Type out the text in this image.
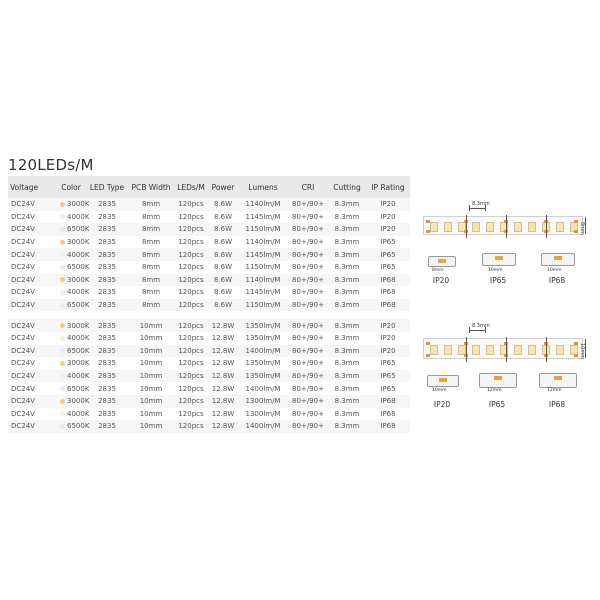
120LEDs/M
Voltage	Color	LED Type	PCB Width	LEDs/M	Power	Lumens	CRI	Cutting	IP Rating
DC24V	3000K	2835	8mm	120pcs	8.6W	1140lm/M	80+/90+	8.3mm	IP20
DC24V	4000K	2835	8mm	120pcs	8.6W	1145lm/M	80+/90+	8.3mm	IP20
DC24V	6500K	2835	8mm	120pcs	8.6W	1150lm/M	80+/90+	8.3mm	IP20
DC24V	3000K	2835	8mm	120pcs	8.6W	1140lm/M	80+/90+	8.3mm	IP65
DC24V	4000K	2835	8mm	120pcs	8.6W	1145lm/M	80+/90+	8.3mm	IP65
DC24V	6500K	2835	8mm	120pcs	8.6W	1150lm/M	80+/90+	8.3mm	IP65
DC24V	3000K	2835	8mm	120pcs	8.6W	1140lm/M	80+/90+	8.3mm	IP68
DC24V	4000K	2835	8mm	120pcs	8.6W	1145lm/M	80+/90+	8.3mm	IP68
DC24V	6500K	2835	8mm	120pcs	8.6W	1150lm/M	80+/90+	8.3mm	IP68

DC24V	3000K	2835	10mm	120pcs	12.8W	1350lm/M	80+/90+	8.3mm	IP20
DC24V	4000K	2835	10mm	120pcs	12.8W	1350lm/M	80+/90+	8.3mm	IP20
DC24V	6500K	2835	10mm	120pcs	12.8W	1400lm/M	80+/90+	8.3mm	IP20
DC24V	3000K	2835	10mm	120pcs	12.8W	1350lm/M	80+/90+	8.3mm	IP65
DC24V	4000K	2835	10mm	120pcs	12.8W	1350lm/M	80+/90+	8.3mm	IP65
DC24V	6500K	2835	10mm	120pcs	12.8W	1400lm/M	80+/90+	8.3mm	IP65
DC24V	3000K	2835	10mm	120pcs	12.8W	1300lm/M	80+/90+	8.3mm	IP68
DC24V	4000K	2835	10mm	120pcs	12.8W	1300lm/M	80+/90+	8.3mm	IP68
DC24V	6500K	2835	10mm	120pcs	12.8W	1400lm/M	80+/90+	8.3mm	IP68
8.3mm
8mm
8mm
IP20
10mm
IP65
10mm
IP68
8.3mm
10mm
10mm
IP20
12mm
IP65
12mm
IP68
